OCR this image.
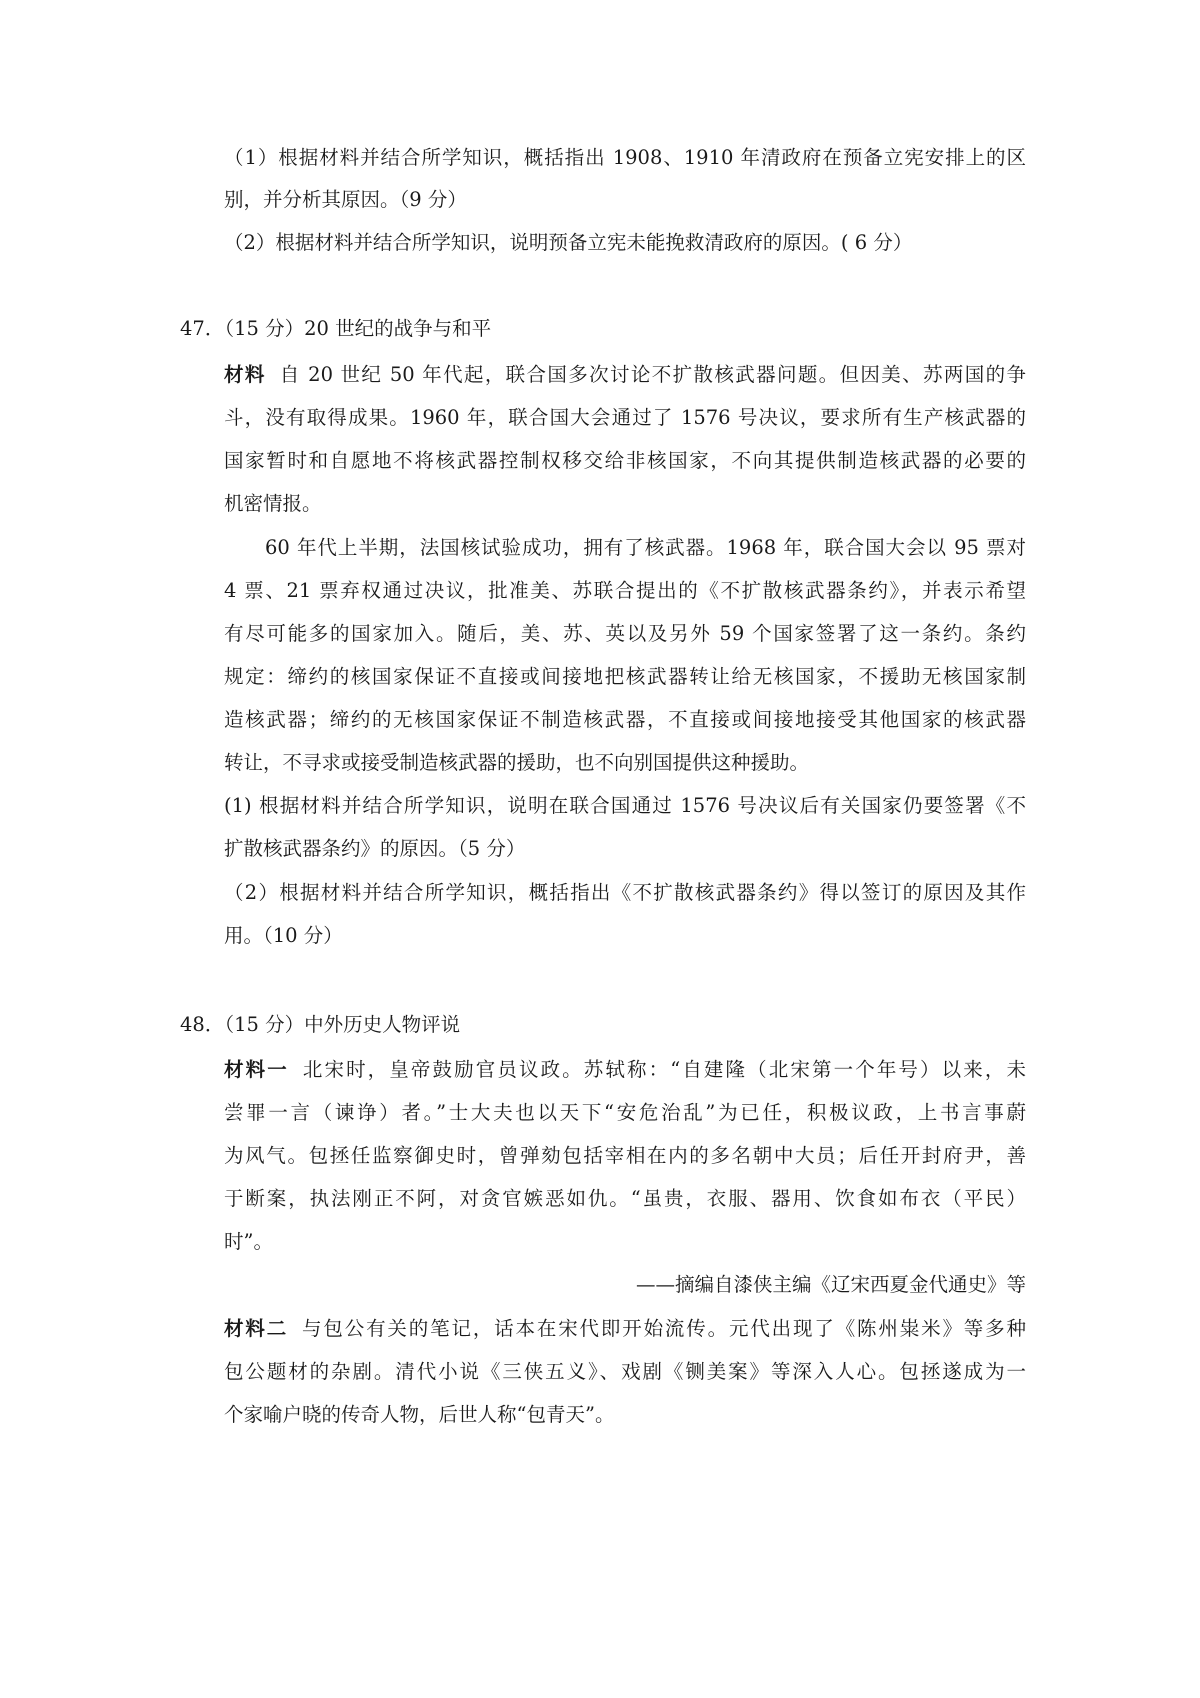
（1）根据材料并结合所学知识，概括指出 1908、1910 年清政府在预备立宪安排上的区
别，并分析其原因。（9 分）
（2）根据材料并结合所学知识，说明预备立宪未能挽救清政府的原因。( 6 分）
47．（15 分）20 世纪的战争与和平
材料 自 20 世纪 50 年代起，联合国多次讨论不扩散核武器问题。但因美、苏两国的争
斗，没有取得成果。1960 年，联合国大会通过了 1576 号决议，要求所有生产核武器的
国家暂时和自愿地不将核武器控制权移交给非核国家，不向其提供制造核武器的必要的
机密情报。
60 年代上半期，法国核试验成功，拥有了核武器。1968 年，联合国大会以 95 票对
4 票、21 票弃权通过决议，批准美、苏联合提出的《不扩散核武器条约》，并表示希望
有尽可能多的国家加入。随后，美、苏、英以及另外 59 个国家签署了这一条约。条约
规定：缔约的核国家保证不直接或间接地把核武器转让给无核国家，不援助无核国家制
造核武器；缔约的无核国家保证不制造核武器，不直接或间接地接受其他国家的核武器
转让，不寻求或接受制造核武器的援助，也不向别国提供这种援助。
(1) 根据材料并结合所学知识，说明在联合国通过 1576 号决议后有关国家仍要签署《不
扩散核武器条约》的原因。（5 分）
（2）根据材料并结合所学知识，概括指出《不扩散核武器条约》得以签订的原因及其作
用。（10 分）
48．（15 分）中外历史人物评说
材料一 北宋时，皇帝鼓励官员议政。苏轼称：“自建隆（北宋第一个年号）以来，未
尝罪一言（谏诤）者。”士大夫也以天下“安危治乱”为已任，积极议政，上书言事蔚
为风气。包拯任监察御史时，曾弹劾包括宰相在内的多名朝中大员；后任开封府尹，善
于断案，执法刚正不阿，对贪官嫉恶如仇。“虽贵，衣服、器用、饮食如布衣（平民）
时”。
——摘编自漆侠主编《辽宋西夏金代通史》等
材料二 与包公有关的笔记，话本在宋代即开始流传。元代出现了《陈州粜米》等多种
包公题材的杂剧。清代小说《三侠五义》、戏剧《铡美案》等深入人心。包拯遂成为一
个家喻户晓的传奇人物，后世人称“包青天”。
